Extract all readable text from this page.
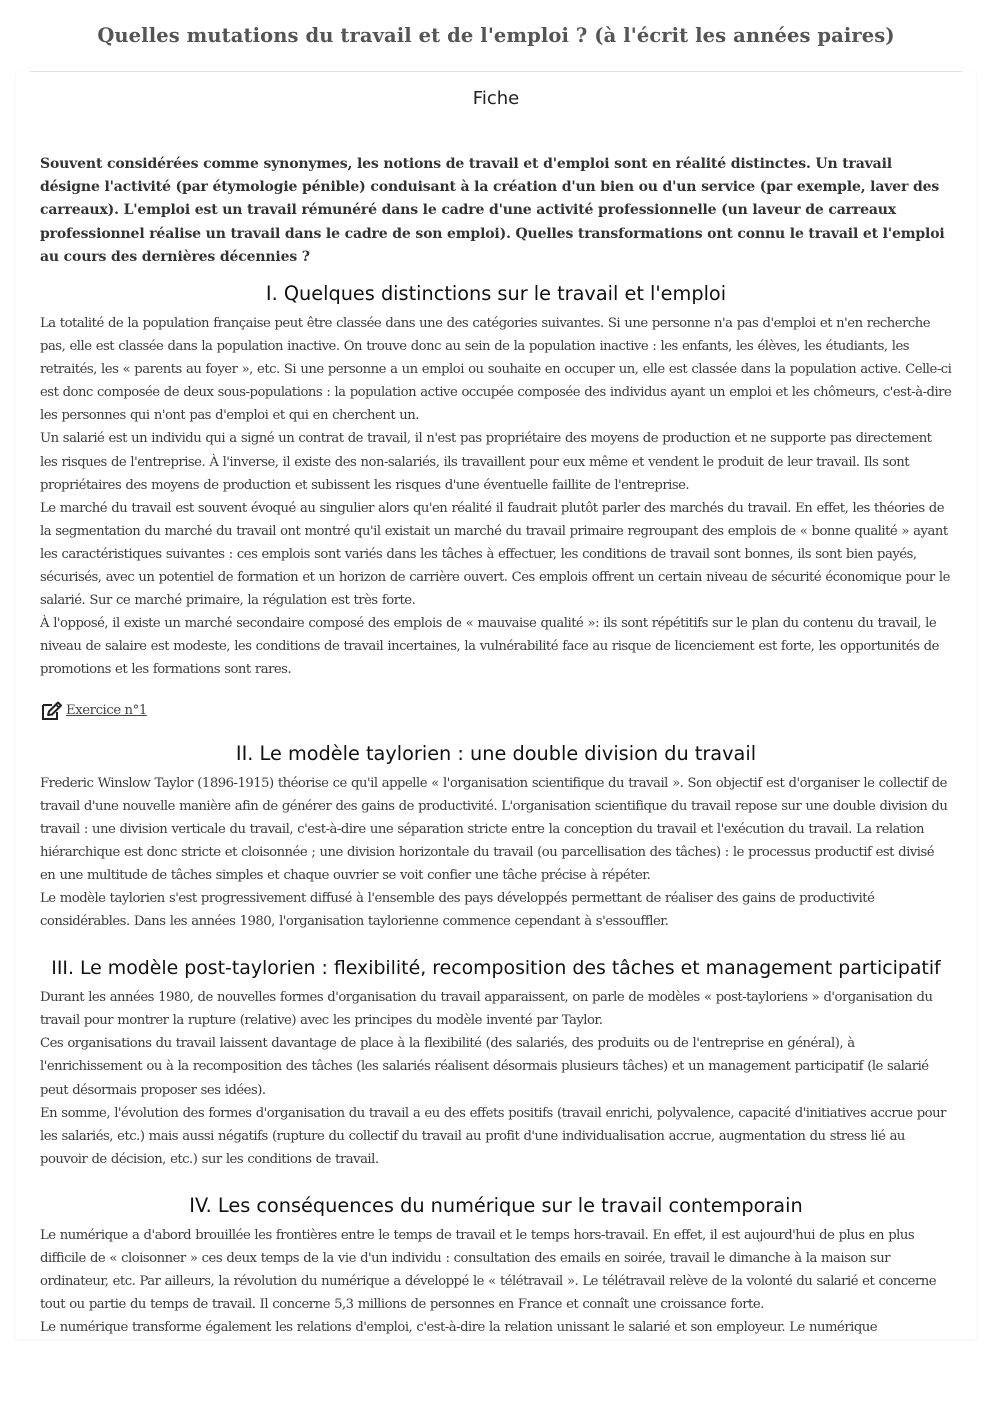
Quelles mutations du travail et de l'emploi ? (à l'écrit les années paires)
Fiche

Souvent considérées comme synonymes, les notions de travail et d'emploi sont en réalité distinctes. Un travail désigne l'activité (par étymologie pénible) conduisant à la création d'un bien ou d'un service (par exemple, laver des carreaux). L'emploi est un travail rémunéré dans le cadre d'une activité professionnelle (un laveur de carreaux professionnel réalise un travail dans le cadre de son emploi). Quelles transformations ont connu le travail et l'emploi au cours des dernières décennies ?

I. Quelques distinctions sur le travail et l'emploi

La totalité de la population française peut être classée dans une des catégories suivantes. Si une personne n'a pas d'emploi et n'en recherche pas, elle est classée dans la population inactive. On trouve donc au sein de la population inactive : les enfants, les élèves, les étudiants, les retraités, les « parents au foyer », etc. Si une personne a un emploi ou souhaite en occuper un, elle est classée dans la population active. Celle-ci est donc composée de deux sous-populations : la population active occupée composée des individus ayant un emploi et les chômeurs, c'est-à-dire les personnes qui n'ont pas d'emploi et qui en cherchent un.

Un salarié est un individu qui a signé un contrat de travail, il n'est pas propriétaire des moyens de production et ne supporte pas directement les risques de l'entreprise. À l'inverse, il existe des non-salariés, ils travaillent pour eux même et vendent le produit de leur travail. Ils sont propriétaires des moyens de production et subissent les risques d'une éventuelle faillite de l'entreprise.

Le marché du travail est souvent évoqué au singulier alors qu'en réalité il faudrait plutôt parler des marchés du travail. En effet, les théories de la segmentation du marché du travail ont montré qu'il existait un marché du travail primaire regroupant des emplois de « bonne qualité » ayant les caractéristiques suivantes : ces emplois sont variés dans les tâches à effectuer, les conditions de travail sont bonnes, ils sont bien payés, sécurisés, avec un potentiel de formation et un horizon de carrière ouvert. Ces emplois offrent un certain niveau de sécurité économique pour le salarié. Sur ce marché primaire, la régulation est très forte.

À l'opposé, il existe un marché secondaire composé des emplois de « mauvaise qualité »: ils sont répétitifs sur le plan du contenu du travail, le niveau de salaire est modeste, les conditions de travail incertaines, la vulnérabilité face au risque de licenciement est forte, les opportunités de promotions et les formations sont rares.

Exercice n°1
II. Le modèle taylorien : une double division du travail

Frederic Winslow Taylor (1896-1915) théorise ce qu'il appelle « l'organisation scientifique du travail ». Son objectif est d'organiser le collectif de travail d'une nouvelle manière afin de générer des gains de productivité. L'organisation scientifique du travail repose sur une double division du travail : une division verticale du travail, c'est-à-dire une séparation stricte entre la conception du travail et l'exécution du travail. La relation hiérarchique est donc stricte et cloisonnée ; une division horizontale du travail (ou parcellisation des tâches) : le processus productif est divisé en une multitude de tâches simples et chaque ouvrier se voit confier une tâche précise à répéter.

Le modèle taylorien s'est progressivement diffusé à l'ensemble des pays développés permettant de réaliser des gains de productivité considérables. Dans les années 1980, l'organisation taylorienne commence cependant à s'essouffler.

III. Le modèle post-taylorien : flexibilité, recomposition des tâches et management participatif

Durant les années 1980, de nouvelles formes d'organisation du travail apparaissent, on parle de modèles « post-tayloriens » d'organisation du travail pour montrer la rupture (relative) avec les principes du modèle inventé par Taylor.

Ces organisations du travail laissent davantage de place à la flexibilité (des salariés, des produits ou de l'entreprise en général), à l'enrichissement ou à la recomposition des tâches (les salariés réalisent désormais plusieurs tâches) et un management participatif (le salarié peut désormais proposer ses idées).

En somme, l'évolution des formes d'organisation du travail a eu des effets positifs (travail enrichi, polyvalence, capacité d'initiatives accrue pour les salariés, etc.) mais aussi négatifs (rupture du collectif du travail au profit d'une individualisation accrue, augmentation du stress lié au pouvoir de décision, etc.) sur les conditions de travail.

IV. Les conséquences du numérique sur le travail contemporain

Le numérique a d'abord brouillée les frontières entre le temps de travail et le temps hors-travail. En effet, il est aujourd'hui de plus en plus difficile de « cloisonner » ces deux temps de la vie d'un individu : consultation des emails en soirée, travail le dimanche à la maison sur ordinateur, etc. Par ailleurs, la révolution du numérique a développé le « télétravail ». Le télétravail relève de la volonté du salarié et concerne tout ou partie du temps de travail. Il concerne 5,3 millions de personnes en France et connaît une croissance forte.

Le numérique transforme également les relations d'emploi, c'est-à-dire la relation unissant le salarié et son employeur. Le numérique
